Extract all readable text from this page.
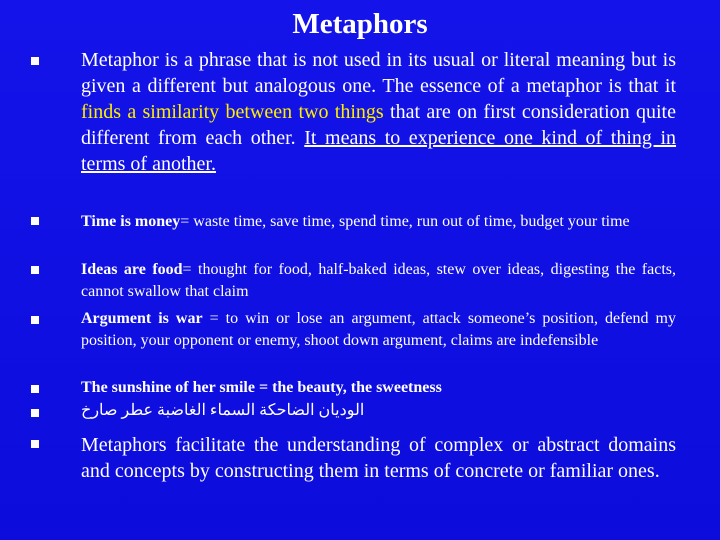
Metaphors
Metaphor is a phrase that is not used in its usual or literal meaning but is given a different but analogous one. The essence of a metaphor is that it finds a similarity between two things that are on first consideration quite different from each other. It means to experience one kind of thing in terms of another.
Time is money= waste time, save time, spend time, run out of time, budget your time
Ideas are food= thought for food, half-baked ideas, stew over ideas, digesting the facts, cannot swallow that claim
Argument is war = to win or lose an argument, attack someone’s position, defend my position, your opponent or enemy, shoot down argument, claims are indefensible
The sunshine of her smile = the beauty, the sweetness
الوديان الضاحكة السماء الغاضبة عطر صارخ
Metaphors facilitate the understanding of complex or abstract domains and concepts by constructing them in terms of concrete or familiar ones.
